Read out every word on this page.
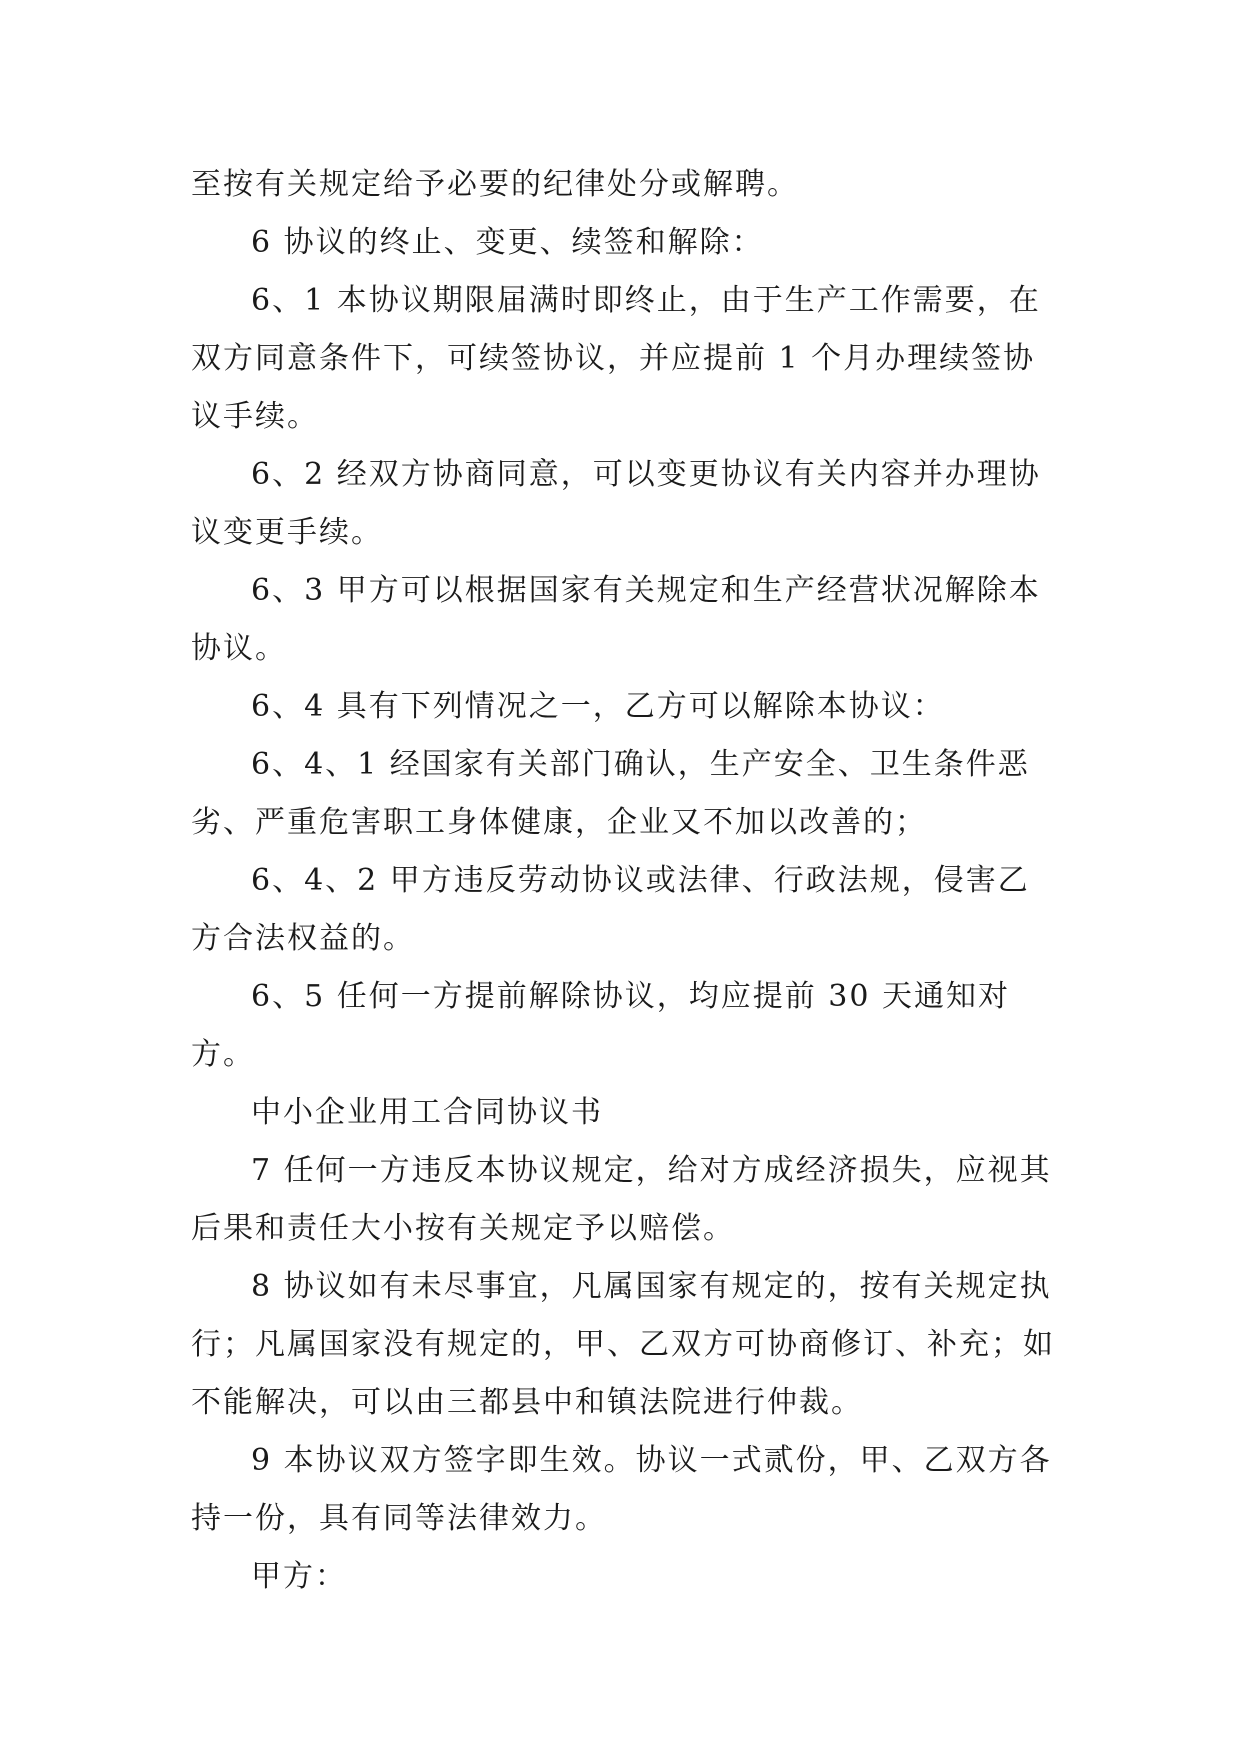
至按有关规定给予必要的纪律处分或解聘。

6 协议的终止、变更、续签和解除：

6、1 本协议期限届满时即终止，由于生产工作需要，在双方同意条件下，可续签协议，并应提前 1 个月办理续签协议手续。

6、2 经双方协商同意，可以变更协议有关内容并办理协议变更手续。

6、3 甲方可以根据国家有关规定和生产经营状况解除本协议。

6、4 具有下列情况之一，乙方可以解除本协议：

6、4、1 经国家有关部门确认，生产安全、卫生条件恶劣、严重危害职工身体健康，企业又不加以改善的；

6、4、2 甲方违反劳动协议或法律、行政法规，侵害乙方合法权益的。

6、5 任何一方提前解除协议，均应提前 30 天通知对方。

中小企业用工合同协议书

7 任何一方违反本协议规定，给对方成经济损失，应视其后果和责任大小按有关规定予以赔偿。

8 协议如有未尽事宜，凡属国家有规定的，按有关规定执行；凡属国家没有规定的，甲、乙双方可协商修订、补充；如不能解决，可以由三都县中和镇法院进行仲裁。

9 本协议双方签字即生效。协议一式贰份，甲、乙双方各持一份，具有同等法律效力。

甲方：
